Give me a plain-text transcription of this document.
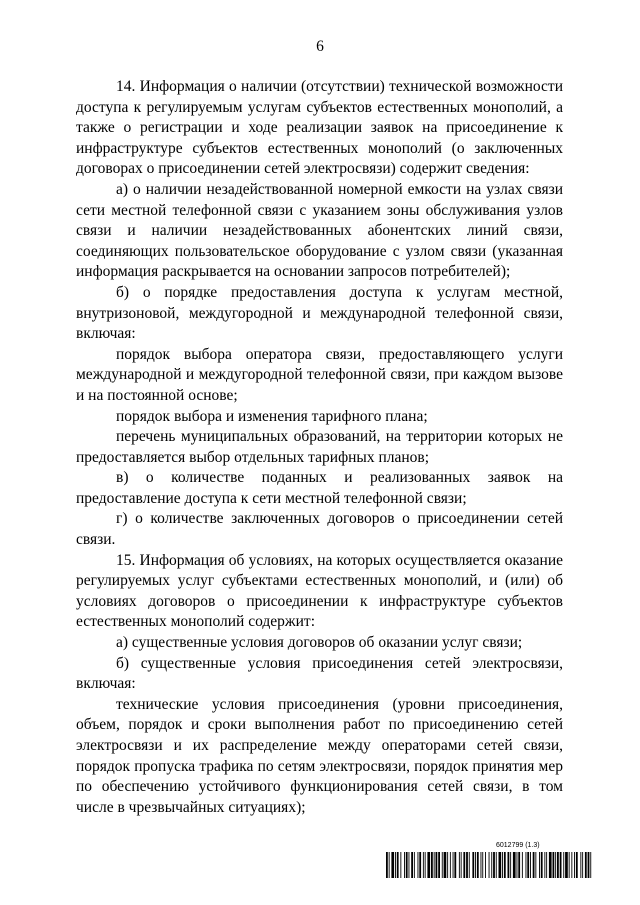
6

14. Информация о наличии (отсутствии) технической возможности доступа к регулируемым услугам субъектов естественных монополий, а также о регистрации и ходе реализации заявок на присоединение к инфраструктуре субъектов естественных монополий (о заключенных договорах о присоединении сетей электросвязи) содержит сведения:

а) о наличии незадействованной номерной емкости на узлах связи сети местной телефонной связи с указанием зоны обслуживания узлов связи и наличии незадействованных абонентских линий связи, соединяющих пользовательское оборудование с узлом связи (указанная информация раскрывается на основании запросов потребителей);

б) о порядке предоставления доступа к услугам местной, внутризоновой, междугородной и международной телефонной связи, включая:

порядок выбора оператора связи, предоставляющего услуги международной и междугородной телефонной связи, при каждом вызове и на постоянной основе;

порядок выбора и изменения тарифного плана;

перечень муниципальных образований, на территории которых не предоставляется выбор отдельных тарифных планов;

в) о количестве поданных и реализованных заявок на предоставление доступа к сети местной телефонной связи;

г) о количестве заключенных договоров о присоединении сетей связи.

15. Информация об условиях, на которых осуществляется оказание регулируемых услуг субъектами естественных монополий, и (или) об условиях договоров о присоединении к инфраструктуре субъектов естественных монополий содержит:

а) существенные условия договоров об оказании услуг связи;

б) существенные условия присоединения сетей электросвязи, включая:

технические условия присоединения (уровни присоединения, объем, порядок и сроки выполнения работ по присоединению сетей электросвязи и их распределение между операторами сетей связи, порядок пропуска трафика по сетям электросвязи, порядок принятия мер по обеспечению устойчивого функционирования сетей связи, в том числе в чрезвычайных ситуациях);

6012799 (1.3)
